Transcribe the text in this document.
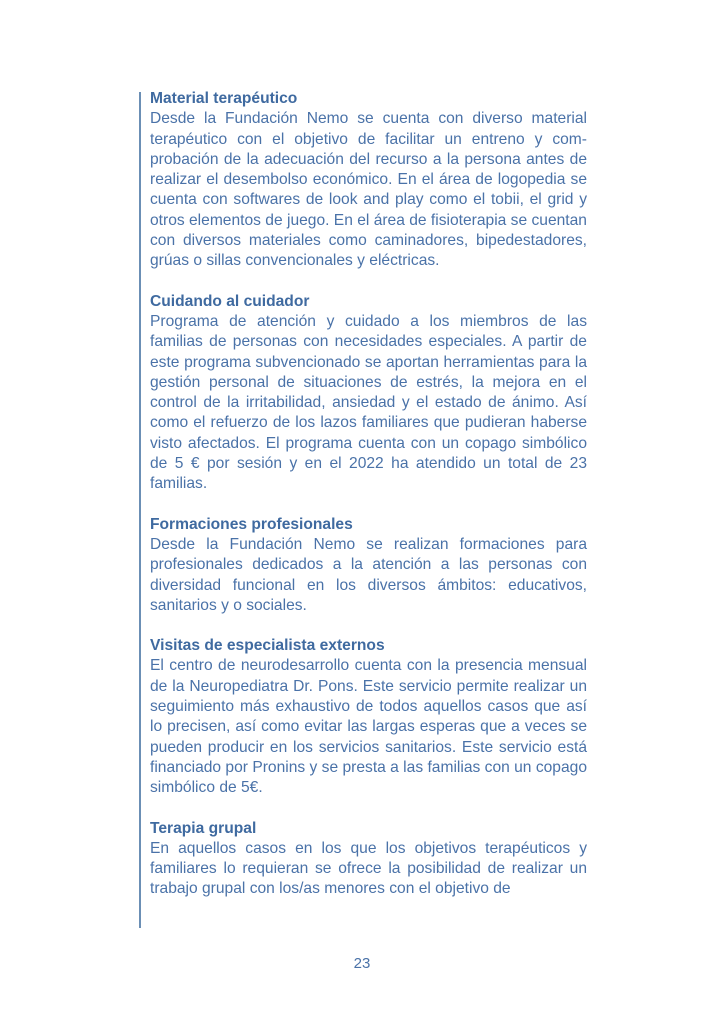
Material terapéutico
Desde la Fundación Nemo se cuenta con diverso material terapéutico con el objetivo de facilitar un entreno y comprobación de la adecuación del recurso a la persona antes de realizar el desembolso económico. En el área de logopedia se cuenta con softwares de look and play como el tobii, el grid y otros elementos de juego. En el área de fisioterapia se cuentan con diversos materiales como caminadores, bipedestadores, grúas o sillas convencionales y eléctricas.
Cuidando al cuidador
Programa de atención y cuidado a los miembros de las familias de personas con necesidades especiales. A partir de este programa subvencionado se aportan herramientas para la gestión personal de situaciones de estrés, la mejora en el control de la irritabilidad, ansiedad y el estado de ánimo. Así como el refuerzo de los lazos familiares que pudieran haberse visto afectados. El programa cuenta con un copago simbólico de 5 € por sesión y en el 2022 ha atendido un total de 23 familias.
Formaciones profesionales
Desde la Fundación Nemo se realizan formaciones para profesionales dedicados a la atención a las personas con diversidad funcional en los diversos ámbitos: educativos, sanitarios y o sociales.
Visitas de especialista externos
El centro de neurodesarrollo cuenta con la presencia mensual de la Neuropediatra Dr. Pons. Este servicio permite realizar un seguimiento más exhaustivo de todos aquellos casos que así lo precisen, así como evitar las largas esperas que a veces se pueden producir en los servicios sanitarios. Este servicio está financiado por Pronins y se presta a las familias con un copago simbólico de 5€.
Terapia grupal
En aquellos casos en los que los objetivos terapéuticos y familiares lo requieran se ofrece la posibilidad de realizar un trabajo grupal con los/as menores con el objetivo de
23
